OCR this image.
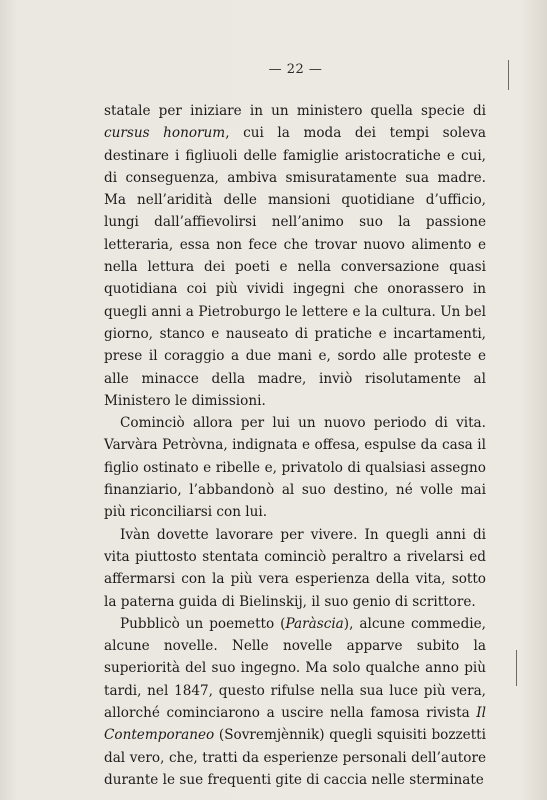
— 22 —

statale per iniziare in un ministero quella specie di cursus honorum, cui la moda dei tempi soleva destinare i figliuoli delle famiglie aristocratiche e cui, di conseguenza, ambiva smisuratamente sua madre. Ma nell’aridità delle mansioni quotidiane d’ufficio, lungi dall’affievolirsi nell’animo suo la passione letteraria, essa non fece che trovar nuovo alimento e nella lettura dei poeti e nella conversazione quasi quotidiana coi più vividi ingegni che onorassero in quegli anni a Pietroburgo le lettere e la cultura. Un bel giorno, stanco e nauseato di pratiche e incartamenti, prese il coraggio a due mani e, sordo alle proteste e alle minacce della madre, inviò risolutamente al Ministero le dimissioni.

Cominciò allora per lui un nuovo periodo di vita. Varvàra Petròvna, indignata e offesa, espulse da casa il figlio ostinato e ribelle e, privatolo di qualsiasi assegno finanziario, l’abbandonò al suo destino, né volle mai più riconciliarsi con lui.

Ivàn dovette lavorare per vivere. In quegli anni di vita piuttosto stentata cominciò peraltro a rivelarsi ed affermarsi con la più vera esperienza della vita, sotto la paterna guida di Bielinskij, il suo genio di scrittore.

Pubblicò un poemetto (Paràscia), alcune commedie, alcune novelle. Nelle novelle apparve subito la superiorità del suo ingegno. Ma solo qualche anno più tardi, nel 1847, questo rifulse nella sua luce più vera, allorché cominciarono a uscire nella famosa rivista Il Contemporaneo (Sovremjènnik) quegli squisiti bozzetti dal vero, che, tratti da esperienze personali dell’autore durante le sue frequenti gite di caccia nelle sterminate
